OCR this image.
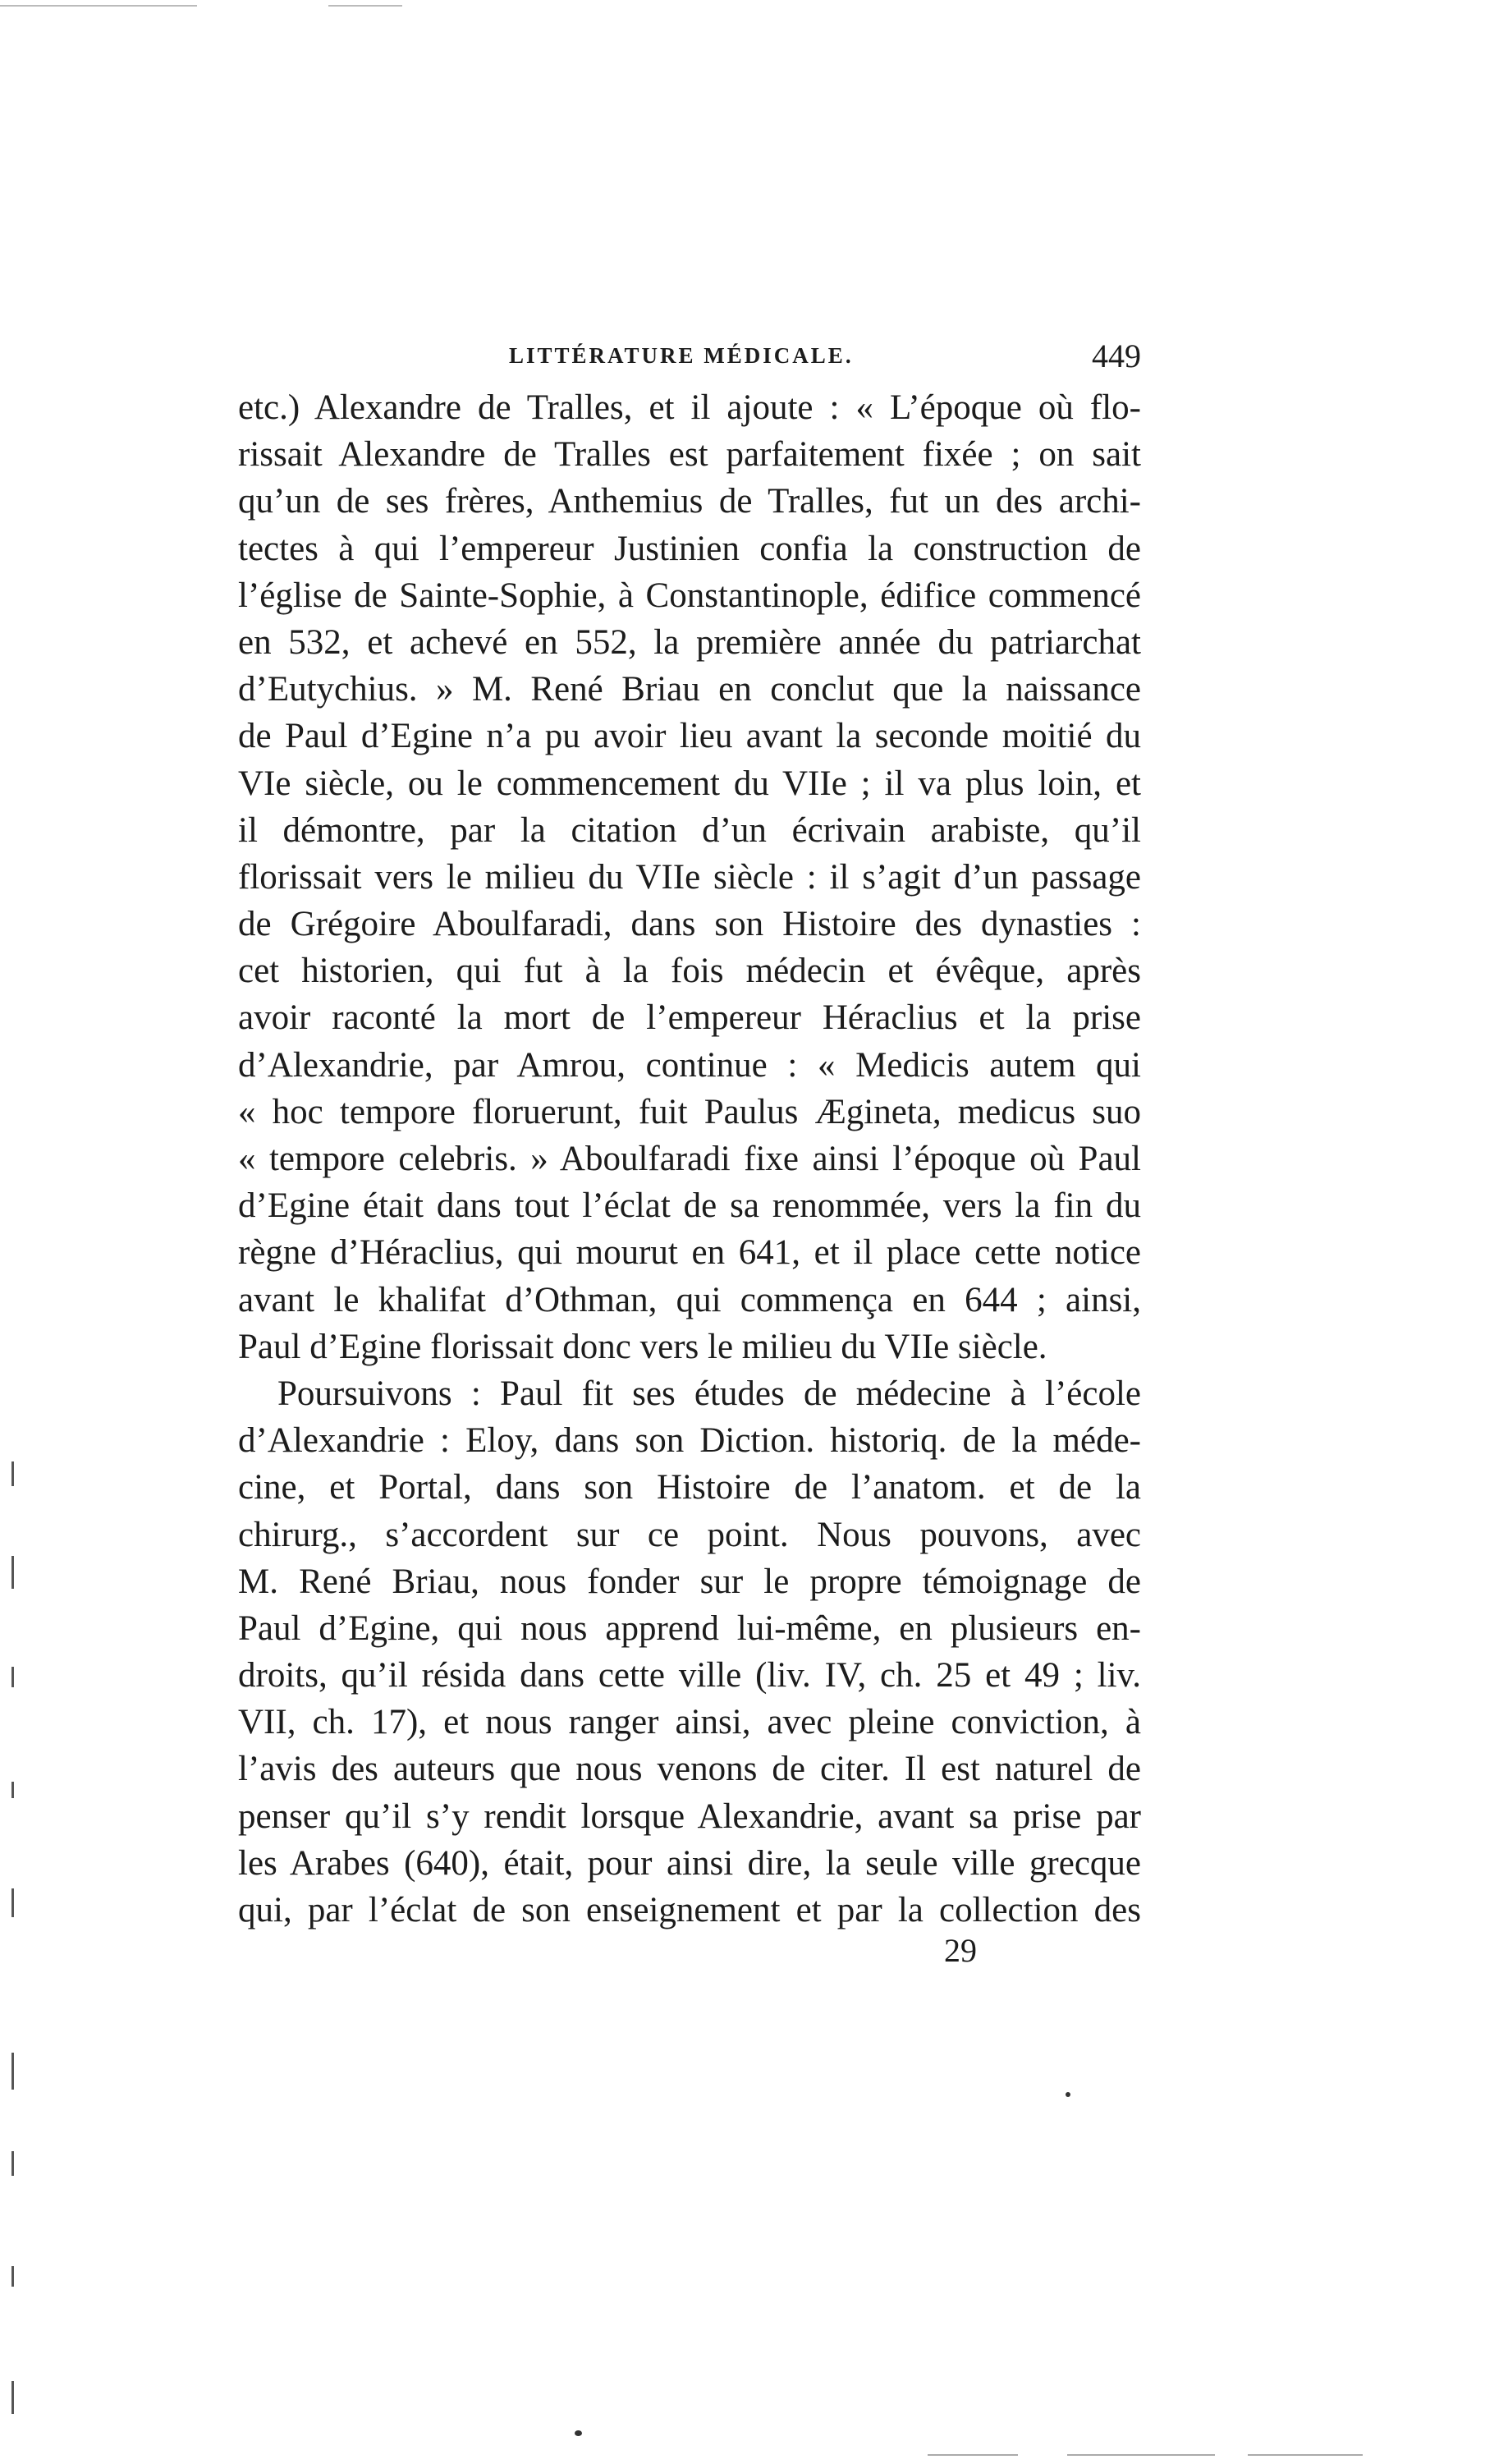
LITTÉRATURE MÉDICALE.	449
etc.) Alexandre de Tralles, et il ajoute : « L’époque où flo-
rissait Alexandre de Tralles est parfaitement fixée ; on sait
qu’un de ses frères, Anthemius de Tralles, fut un des archi-
tectes à qui l’empereur Justinien confia la construction de
l’église de Sainte-Sophie, à Constantinople, édifice commencé
en 532, et achevé en 552, la première année du patriarchat
d’Eutychius. » M. René Briau en conclut que la naissance
de Paul d’Egine n’a pu avoir lieu avant la seconde moitié du
VIe siècle, ou le commencement du VIIe ; il va plus loin, et
il démontre, par la citation d’un écrivain arabiste, qu’il
florissait vers le milieu du VIIe siècle : il s’agit d’un passage
de Grégoire Aboulfaradi, dans son Histoire des dynasties :
cet historien, qui fut à la fois médecin et évêque, après
avoir raconté la mort de l’empereur Héraclius et la prise
d’Alexandrie, par Amrou, continue : « Medicis autem qui
« hoc tempore floruerunt, fuit Paulus Ægineta, medicus suo
« tempore celebris. » Aboulfaradi fixe ainsi l’époque où Paul
d’Egine était dans tout l’éclat de sa renommée, vers la fin du
règne d’Héraclius, qui mourut en 641, et il place cette notice
avant le khalifat d’Othman, qui commença en 644 ; ainsi,
Paul d’Egine florissait donc vers le milieu du VIIe siècle.
Poursuivons : Paul fit ses études de médecine à l’école
d’Alexandrie : Eloy, dans son Diction. historiq. de la méde-
cine, et Portal, dans son Histoire de l’anatom. et de la
chirurg., s’accordent sur ce point. Nous pouvons, avec
M. René Briau, nous fonder sur le propre témoignage de
Paul d’Egine, qui nous apprend lui-même, en plusieurs en-
droits, qu’il résida dans cette ville (liv. IV, ch. 25 et 49 ; liv.
VII, ch. 17), et nous ranger ainsi, avec pleine conviction, à
l’avis des auteurs que nous venons de citer. Il est naturel de
penser qu’il s’y rendit lorsque Alexandrie, avant sa prise par
les Arabes (640), était, pour ainsi dire, la seule ville grecque
qui, par l’éclat de son enseignement et par la collection des
29
